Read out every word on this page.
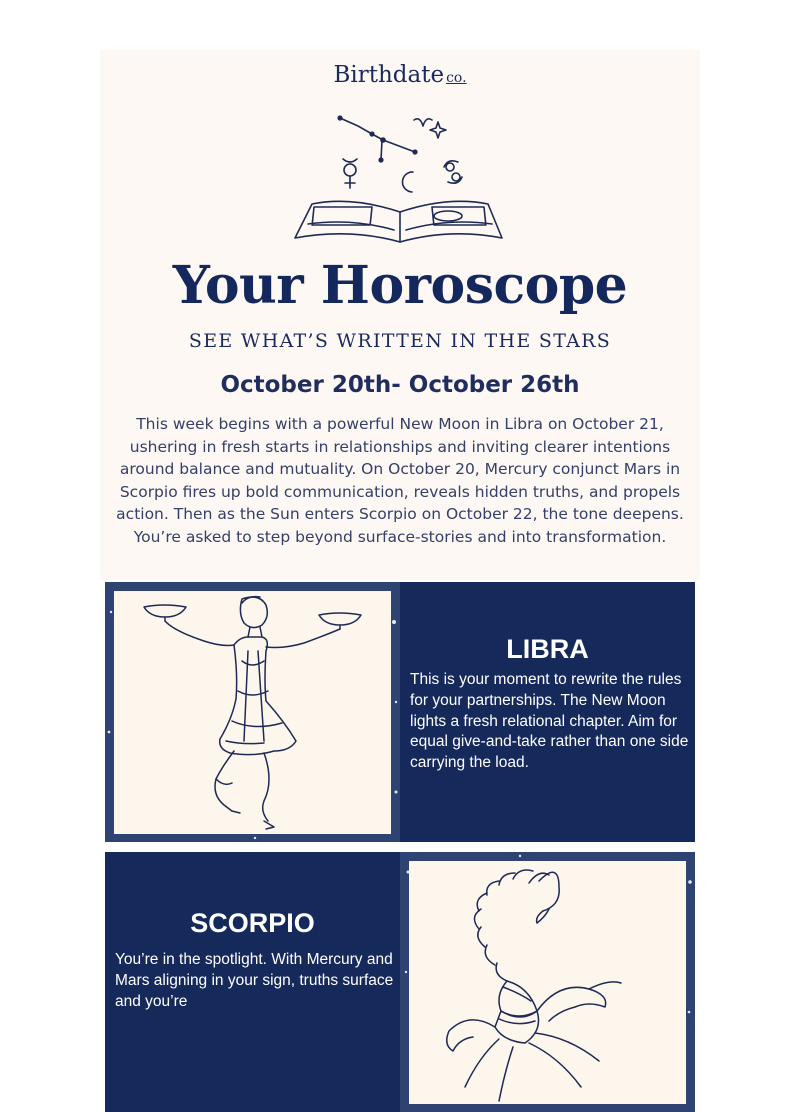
Birthdate co.
Your Horoscope
SEE WHAT’S WRITTEN IN THE STARS
October 20th- October 26th
This week begins with a powerful New Moon in Libra on October 21, ushering in fresh starts in relationships and inviting clearer intentions around balance and mutuality. On October 20, Mercury conjunct Mars in Scorpio fires up bold communication, reveals hidden truths, and propels action. Then as the Sun enters Scorpio on October 22, the tone deepens. You’re asked to step beyond surface-stories and into transformation.
LIBRA
This is your moment to rewrite the rules for your partnerships. The New Moon lights a fresh relational chapter. Aim for equal give-and-take rather than one side carrying the load.
SCORPIO
You’re in the spotlight. With Mercury and Mars aligning in your sign, truths surface and you’re
